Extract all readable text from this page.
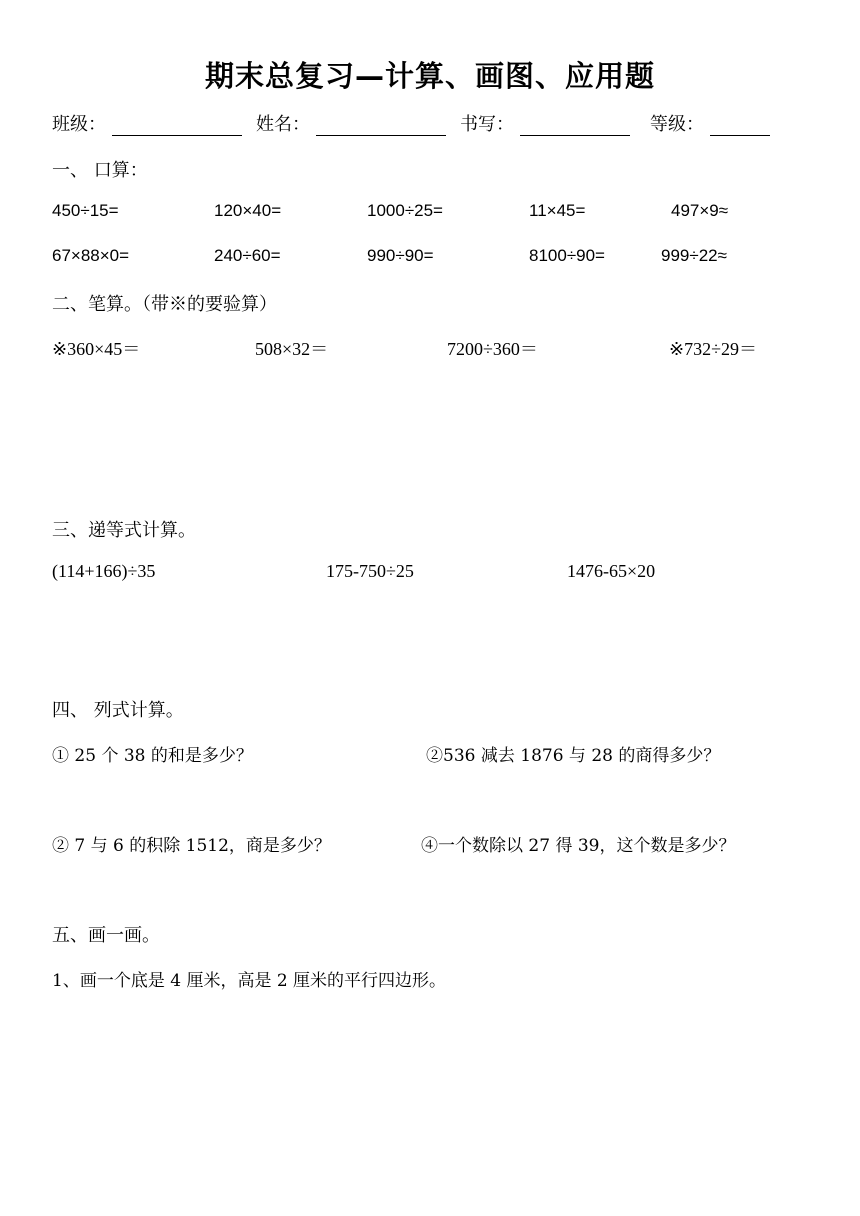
期末总复习—计算、画图、应用题
班级：	姓名：	书写：	等级：
一、 口算：
450÷15=	120×40=	1000÷25=	11×45=	497×9≈
67×88×0=	240÷60=	990÷90=	8100÷90=	999÷22≈
二、笔算。（带※的要验算）
※360×45＝	508×32＝	7200÷360＝	※732÷29＝
三、递等式计算。
(114+166)÷35	175-750÷25	1476-65×20
四、 列式计算。
① 25 个 38 的和是多少？	②536 减去 1876 与 28 的商得多少？
② 7 与 6 的积除 1512，商是多少？	④一个数除以 27 得 39，这个数是多少？
五、画一画。
1、画一个底是 4 厘米，高是 2 厘米的平行四边形。
